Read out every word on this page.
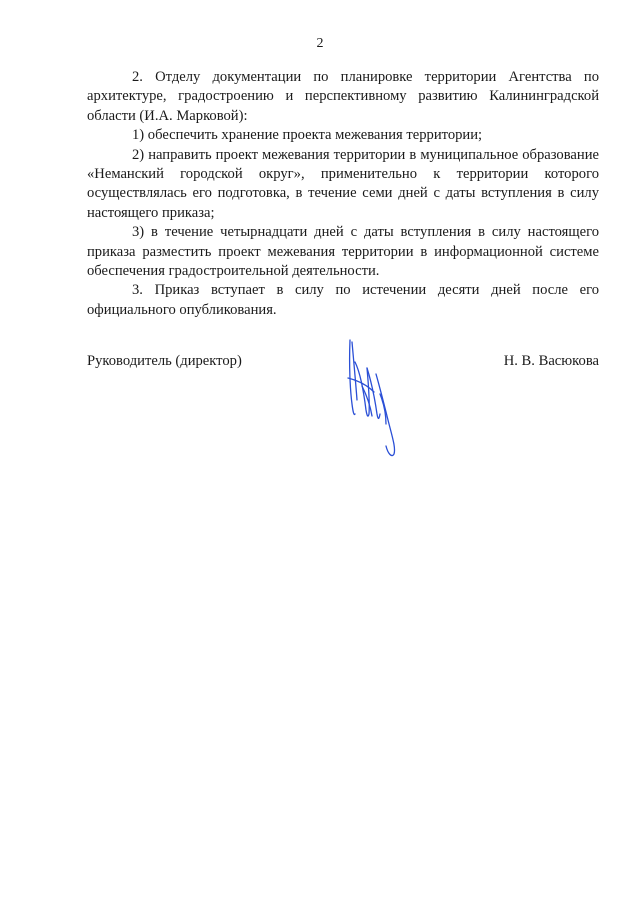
2

2. Отделу документации по планировке территории Агентства по архитектуре, градостроению и перспективному развитию Калининградской области (И.А. Марковой):

1) обеспечить хранение проекта межевания территории;

2) направить проект межевания территории в муниципальное образование «Неманский городской округ», применительно к территории которого осуществлялась его подготовка, в течение семи дней с даты вступления в силу настоящего приказа;

3) в течение четырнадцати дней с даты вступления в силу настоящего приказа разместить проект межевания территории в информационной системе обеспечения градостроительной деятельности.

3. Приказ вступает в силу по истечении десяти дней после его официального опубликования.

Руководитель (директор)	Н. В. Васюкова
